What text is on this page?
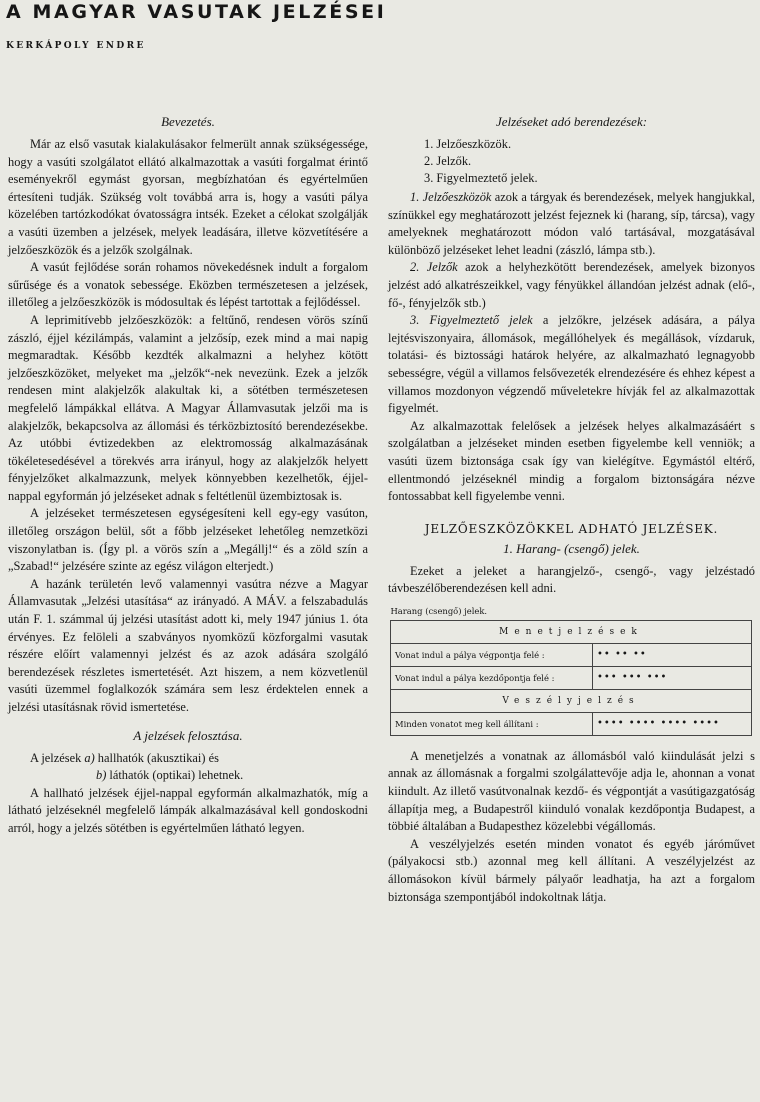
A MAGYAR VASUTAK JELZÉSEI
KERKÁPOLY ENDRE
Bevezetés.

Már az első vasutak kialakulásakor felmerült annak szükségessége, hogy a vasúti szolgálatot ellátó alkalmazottak a vasúti forgalmat érintő eseményekről egymást gyorsan, megbízhatóan és egyértelműen értesíteni tudják. Szükség volt továbbá arra is, hogy a vasúti pálya közelében tartózkodókat óvatosságra intsék. Ezeket a célokat szolgálják a vasúti üzemben a jelzések, melyek leadására, illetve közvetítésére a jelzőeszközök és a jelzők szolgálnak.

A vasút fejlődése során rohamos növekedésnek indult a forgalom sűrűsége és a vonatok sebessége. Eközben természetesen a jelzések, illetőleg a jelzőeszközök is módosultak és lépést tartottak a fejlődéssel.

A leprimitívebb jelzőeszközök: a feltűnő, rendesen vörös színű zászló, éjjel kézilámpás, valamint a jelzősíp, ezek mind a mai napig megmaradtak. Később kezdték alkalmazni a helyhez kötött jelzőeszközöket, melyeket ma „jelzők“-nek nevezünk. Ezek a jelzők rendesen mint alakjelzők alakultak ki, a sötétben természetesen megfelelő lámpákkal ellátva. A Magyar Államvasutak jelzői ma is alakjelzők, bekapcsolva az állomási és térközbiztosító berendezésekbe. Az utóbbi évtizedekben az elektromosság alkalmazásának tökéletesedésével a törekvés arra irányul, hogy az alakjelzők helyett fényjelzőket alkalmazzunk, melyek könnyebben kezelhetők, éjjel-nappal egyformán jó jelzéseket adnak s feltétlenül üzembiztosak is.

A jelzéseket természetesen egységesíteni kell egy-egy vasúton, illetőleg országon belül, sőt a főbb jelzéseket lehetőleg nemzetközi viszonylatban is. (Így pl. a vörös szín a „Megállj!“ és a zöld szín a „Szabad!“ jelzésére szinte az egész világon elterjedt.)

A hazánk területén levő valamennyi vasútra nézve a Magyar Államvasutak „Jelzési utasítása“ az irányadó. A MÁV. a felszabadulás után F. 1. számmal új jelzési utasítást adott ki, mely 1947 június 1. óta érvényes. Ez felöleli a szabványos nyomközű közforgalmi vasutak részére előírt valamennyi jelzést és az azok adására szolgáló berendezések részletes ismertetését. Azt hiszem, a nem közvetlenül vasúti üzemmel foglalkozók számára sem lesz érdektelen ennek a jelzési utasításnak rövid ismertetése.

A jelzések felosztása.

A jelzések a) hallhatók (akusztikai) és

b) láthatók (optikai) lehetnek.

A hallható jelzések éjjel-nappal egyformán alkalmazhatók, míg a látható jelzéseknél megfelelő lámpák alkalmazásával kell gondoskodni arról, hogy a jelzés sötétben is egyértelműen látható legyen.

Jelzéseket adó berendezések:
1. Jelzőeszközök.
2. Jelzők.
3. Figyelmeztető jelek.

1. Jelzőeszközök azok a tárgyak és berendezések, melyek hangjukkal, színükkel egy meghatározott jelzést fejeznek ki (harang, síp, tárcsa), vagy amelyeknek meghatározott módon való tartásával, mozgatásával különböző jelzéseket lehet leadni (zászló, lámpa stb.).

2. Jelzők azok a helyhezkötött berendezések, amelyek bizonyos jelzést adó alkatrészeikkel, vagy fényükkel állandóan jelzést adnak (elő-, fő-, fényjelzők stb.)

3. Figyelmeztető jelek a jelzőkre, jelzések adására, a pálya lejtésviszonyaira, állomások, megállóhelyek és megállások, vízdaruk, tolatási- és biztossági határok helyére, az alkalmazható legnagyobb sebességre, végül a villamos felsővezeték elrendezésére és ehhez képest a villamos mozdonyon végzendő műveletekre hívják fel az alkalmazottak figyelmét.

Az alkalmazottak felelősek a jelzések helyes alkalmazásáért s szolgálatban a jelzéseket minden esetben figyelembe kell venniök; a vasúti üzem biztonsága csak így van kielégítve. Egymástól eltérő, ellentmondó jelzéseknél mindig a forgalom biztonságára nézve fontossabbat kell figyelembe venni.

JELZŐESZKÖZÖKKEL ADHATÓ JELZÉSEK.
1. Harang- (csengő) jelek.

Ezeket a jeleket a harangjelző-, csengő-, vagy jelzéstadó távbeszélőberendezésen kell adni.

Harang (csengő) jelek.	
Menetjelzések	
Vonat indul a pálya végpontja felé :	•• •• ••
Vonat indul a pálya kezdőpontja felé :	••• ••• •••
Veszélyjelzés	
Minden vonatot meg kell állítani :	•••• •••• •••• ••••

A menetjelzés a vonatnak az állomásból való kiindulását jelzi s annak az állomásnak a forgalmi szolgálattevője adja le, ahonnan a vonat kiindult. Az illető vasútvonalnak kezdő- és végpontját a vasútigazgatóság állapítja meg, a Budapestről kiinduló vonalak kezdőpontja Budapest, a többié általában a Budapesthez közelebbi végállomás.

A veszélyjelzés esetén minden vonatot és egyéb járóművet (pályakocsi stb.) azonnal meg kell állítani. A veszélyjelzést az állomásokon kívül bármely pályaőr leadhatja, ha azt a forgalom biztonsága szempontjából indokoltnak látja.
